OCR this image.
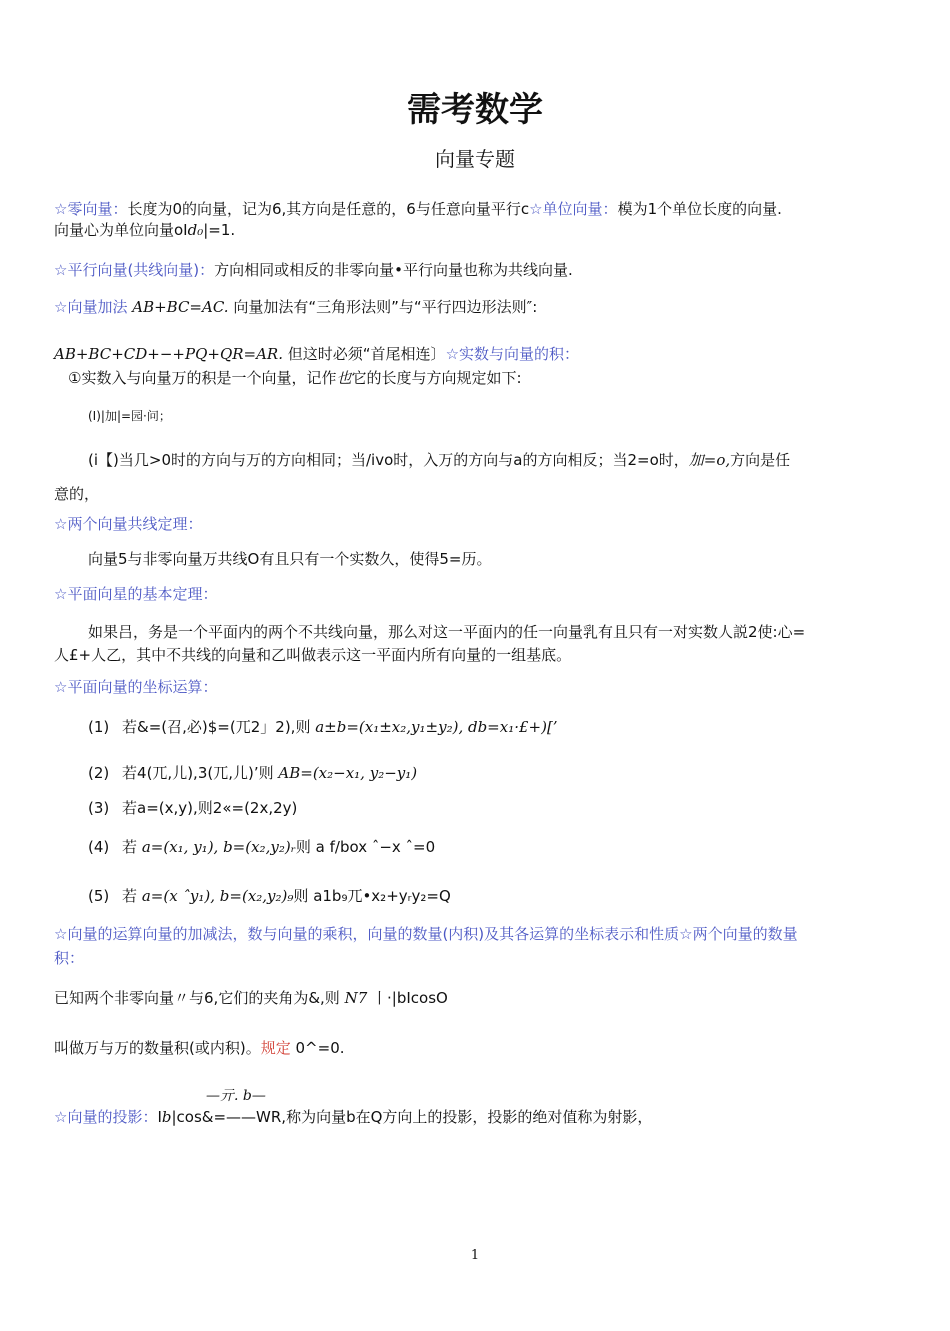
需考数学
向量专题
☆零向量：长度为0的向量，记为6,其方向是任意的，6与任意向量平行c☆单位向量：模为1个单位长度的向量.
向量心为单位向量oI⁠d₀|=1.
☆平行向量(共线向量)：方向相同或相反的非零向量•平行向量也称为共线向量.
☆向量加法 AB+BC=AC. 向量加法有“三角形法则”与“平行四边形法则″:
AB+BC+CD+−+PQ+QR=AR. 但这时必须“首尾相连〕☆实数与向量的积：
①实数入与向量万的积是一个向量，记作也它的长度与方向规定如下:
(I)|加|=园·问；
(i【)当几>0时的方向与万的方向相同；当/ivo时，入万的方向与a的方向相反；当2=o时，加=o,方向是任
意的，
☆两个向量共线定理：
向量5与非零向量万共线O有且只有一个实数久，使得5=历。
☆平面向星的基本定理：
如果吕，务是一个平面内的两个不共线向量，那么对这一平面内的任一向量乳有且只有一对实数人説2使:心=
人£+人乙，其中不共线的向量和乙叫做表示这一平面内所有向量的一组基底。
☆平面向量的坐标运算：
(1) 若&=(召,必)$=(兀2」2),则 a±b=(x₁±x₂,y₁±y₂), db=x₁·£+)[’
(2) 若4(兀,儿),3(兀,儿)’则 AB=(x₂−x₁, y₂−y₁)
(3) 若a=(x,y),则2«=(2x,2y)
(4) 若 a=(x₁, y₁), b=(x₂,y₂)ᵣ则 a f/box ˆ−x ˆ=0
(5) 若 a=(x ˆy₁), b=(x₂,y₂)₉则 a1b₉兀•x₂+yᵣy₂=Q
☆向量的运算向量的加减法，数与向量的乘积，向量的数量(内积)及其各运算的坐标表示和性质☆两个向量的数量
积：
已知两个非零向量〃与6,它们的夹角为&,则 N7 丨·|bIcosO
叫做万与万的数量积(或内积)。规定 0^=0.
—亓. b—
☆向量的投影：Ib|cos&=——WR,称为向量b在Q方向上的投影，投影的绝对值称为射影，
1
